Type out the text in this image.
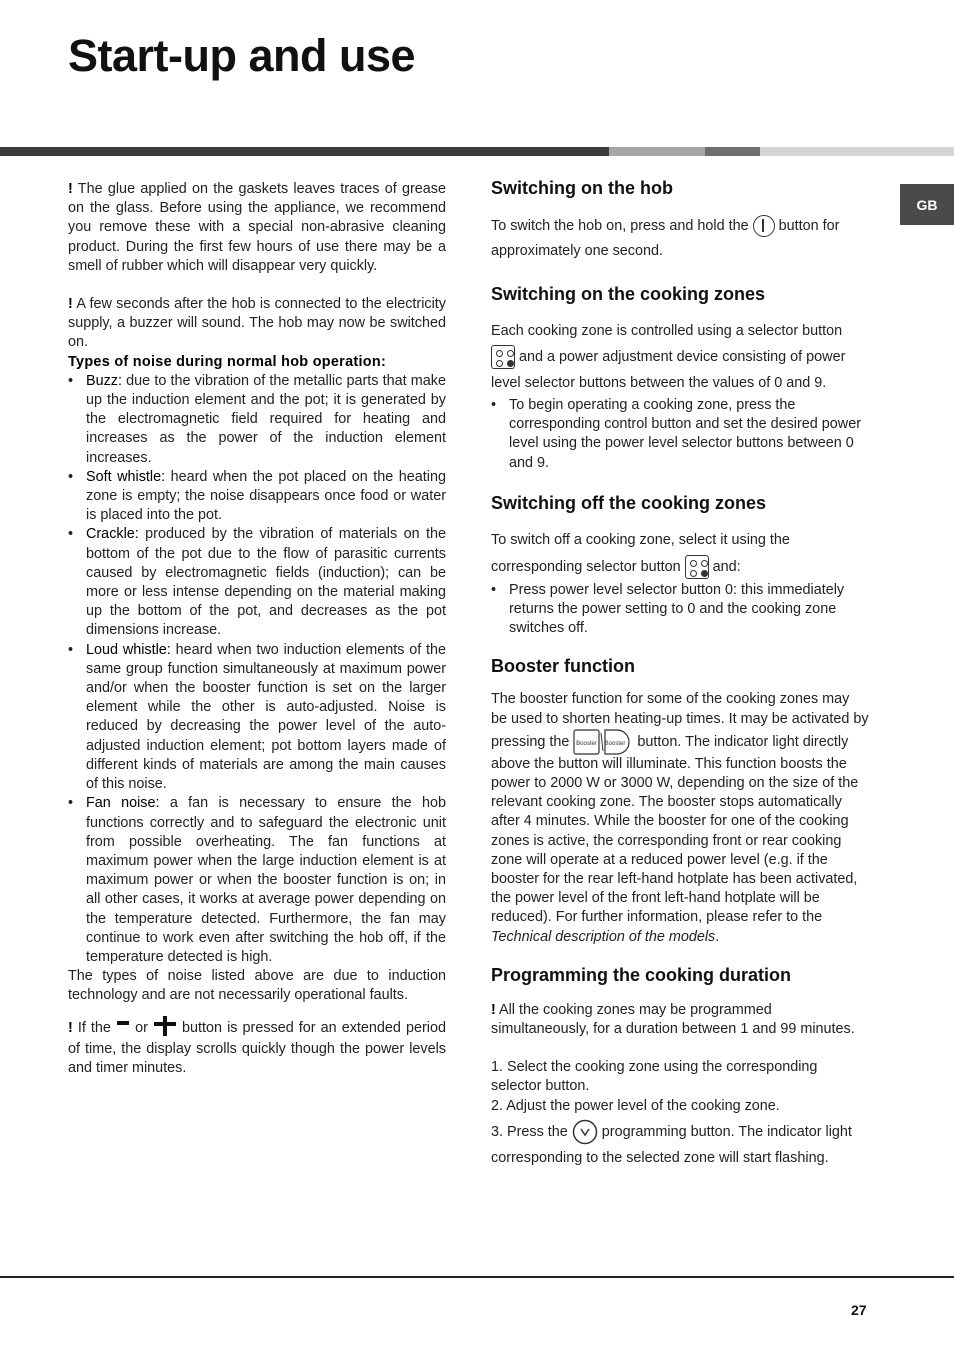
Start-up and use
GB

! The glue applied on the gaskets leaves traces of grease on the glass. Before using the appliance, we recommend you remove these with a special non-abrasive cleaning product. During the first few hours of use there may be a smell of rubber which will disappear very quickly.

! A few seconds after the hob is connected to the electricity supply, a buzzer will sound. The hob may now be switched on.

Types of noise during normal hob operation:

• Buzz: due to the vibration of the metallic parts that make up the induction element and the pot; it is generated by the electromagnetic field required for heating and increases as the power of the induction element increases.
• Soft whistle: heard when the pot placed on the heating zone is empty; the noise disappears once food or water is placed into the pot.
• Crackle: produced by the vibration of materials on the bottom of the pot due to the flow of parasitic currents caused by electromagnetic fields (induction); can be more or less intense depending on the material making up the bottom of the pot, and decreases as the pot dimensions increase.
• Loud whistle: heard when two induction elements of the same group function simultaneously at maximum power and/or when the booster function is set on the larger element while the other is auto-adjusted. Noise is reduced by decreasing the power level of the auto-adjusted induction element; pot bottom layers made of different kinds of materials are among the main causes of this noise.
• Fan noise: a fan is necessary to ensure the hob functions correctly and to safeguard the electronic unit from possible overheating. The fan functions at maximum power when the large induction element is at maximum power or when the booster function is on; in all other cases, it works at average power depending on the temperature detected. Furthermore, the fan may continue to work even after switching the hob off, if the temperature detected is high.

The types of noise listed above are due to induction technology and are not necessarily operational faults.

! If the  or  button is pressed for an extended period of time, the display scrolls quickly though the power levels and timer minutes.

Switching on the hob

To switch the hob on, press and hold the  button for approximately one second.

Switching on the cooking zones

Each cooking zone is controlled using a selector button
and a power adjustment device consisting of power level selector buttons between the values of 0 and 9.

• To begin operating a cooking zone, press the corresponding control button and set the desired power level using the power level selector buttons between 0 and 9.
Switching off the cooking zones

To switch off a cooking zone, select it using the corresponding selector button
and:

• Press power level selector button 0: this immediately returns the power setting to 0 and the cooking zone switches off.
Booster function

The booster function for some of the cooking zones may be used to shorten heating-up times. It may be activated by pressing the Booster Booster button. The indicator light directly above the button will illuminate. This function boosts the power to 2000 W or 3000 W, depending on the size of the relevant cooking zone. The booster stops automatically after 4 minutes. While the booster for one of the cooking zones is active, the corresponding front or rear cooking zone will operate at a reduced power level (e.g. if the booster for the rear left-hand hotplate has been activated, the power level of the front left-hand hotplate will be reduced). For further information, please refer to the Technical description of the models.

Programming the cooking duration

! All the cooking zones may be programmed simultaneously, for a duration between 1 and 99 minutes.

1. Select the cooking zone using the corresponding selector button.

2. Adjust the power level of the cooking zone.

3. Press the  programming button. The indicator light corresponding to the selected zone will start flashing.

27
